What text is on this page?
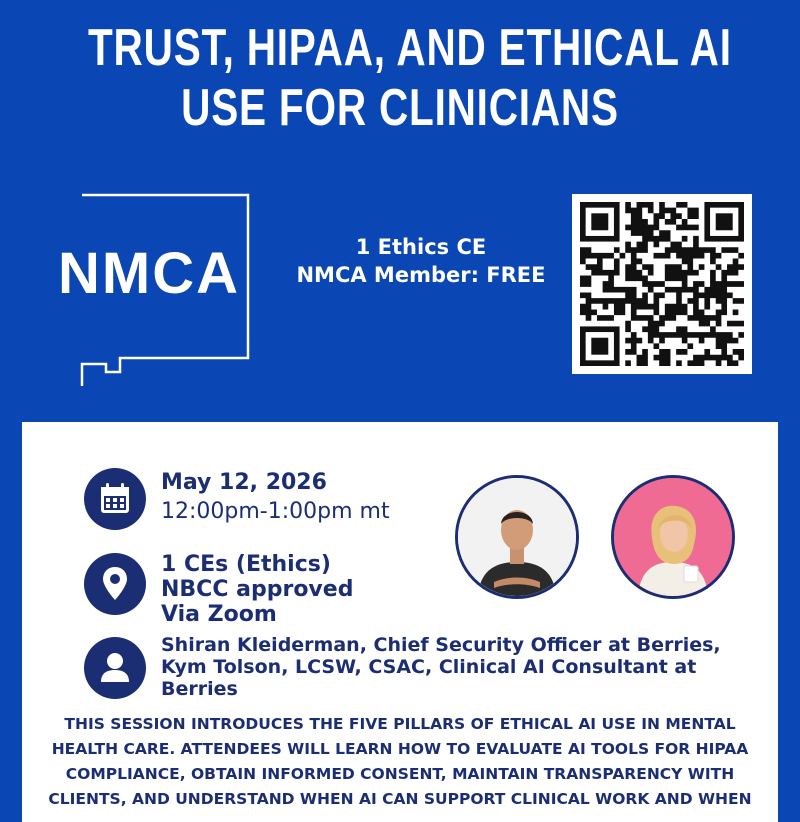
TRUST, HIPAA, AND ETHICAL AI
USE FOR CLINICIANS
NMCA	1 Ethics CE
NMCA Member: FREE
May 12, 2026
12:00pm-1:00pm mt
1 CEs (Ethics)
NBCC approved
Via Zoom
Shiran Kleiderman, Chief Security Officer at Berries,
Kym Tolson, LCSW, CSAC, Clinical AI Consultant at
Berries
THIS SESSION INTRODUCES THE FIVE PILLARS OF ETHICAL AI USE IN MENTAL
HEALTH CARE. ATTENDEES WILL LEARN HOW TO EVALUATE AI TOOLS FOR HIPAA
COMPLIANCE, OBTAIN INFORMED CONSENT, MAINTAIN TRANSPARENCY WITH
CLIENTS, AND UNDERSTAND WHEN AI CAN SUPPORT CLINICAL WORK AND WHEN
